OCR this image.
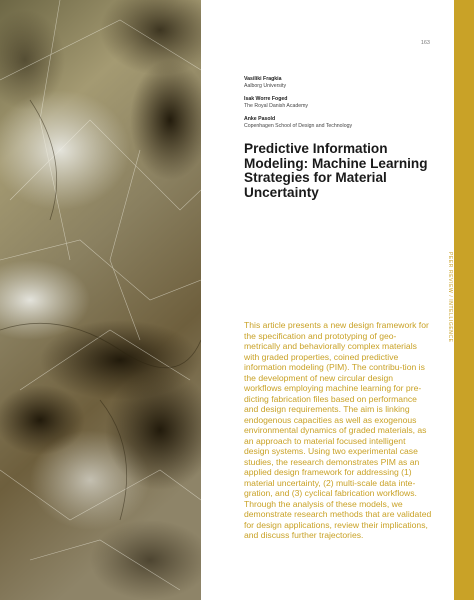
163
Vasiliki Fragkia
Aalborg University
Isak Worre Foged
The Royal Danish Academy
Anke Pasold
Copenhagen School of Design and Technology
Predictive Information Modeling: Machine Learning Strategies for Material Uncertainty

This article presents a new design framework for the specification and prototyping of geo-metrically and behaviorally complex materials with graded properties, coined predictive information modeling (PIM). The contribu-tion is the development of new circular design workflows employing machine learning for pre-dicting fabrication files based on performance and design requirements. The aim is linking endogenous capacities as well as exogenous environmental dynamics of graded materials, as an approach to material focused intelligent design systems. Using two experimental case studies, the research demonstrates PIM as an applied design framework for addressing (1) material uncertainty, (2) multi-scale data inte-gration, and (3) cyclical fabrication workflows. Through the analysis of these models, we demonstrate research methods that are validated for design applications, review their implications, and discuss further trajectories.

PEER REVIEW / INTELLIGENCE
